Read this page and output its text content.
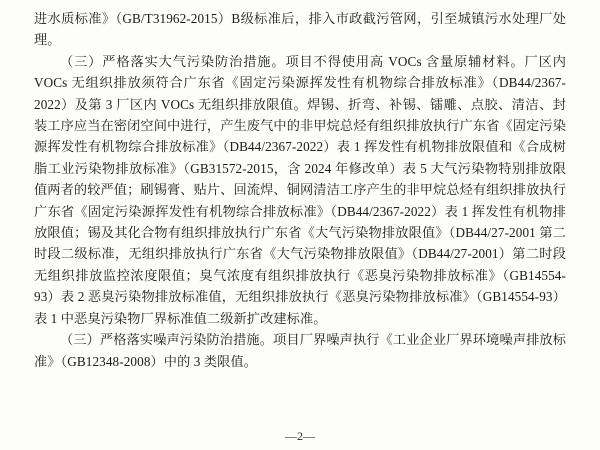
进水质标准》（GB/T31962-2015）B级标准后，排入市政截污管网，引至城镇污水处理厂处理。

（三）严格落实大气污染防治措施。项目不得使用高 VOCs 含量原辅材料。厂区内 VOCs 无组织排放须符合广东省《固定污染源挥发性有机物综合排放标准》（DB44/2367-2022）及第 3 厂区内 VOCs 无组织排放限值。焊锡、折弯、补锡、镭雕、点胶、清洁、封装工序应当在密闭空间中进行，产生废气中的非甲烷总烃有组织排放执行广东省《固定污染源挥发性有机物综合排放标准》（DB44/2367-2022）表 1 挥发性有机物排放限值和《合成树脂工业污染物排放标准》（GB31572-2015，含 2024 年修改单）表 5 大气污染物特别排放限值两者的较严值；刷锡膏、贴片、回流焊、铜网清洁工序产生的非甲烷总烃有组织排放执行广东省《固定污染源挥发性有机物综合排放标准》（DB44/2367-2022）表 1 挥发性有机物排放限值；锡及其化合物有组织排放执行广东省《大气污染物排放限值》（DB44/27-2001 第二时段二级标准，无组织排放执行广东省《大气污染物排放限值》（DB44/27-2001）第二时段无组织排放监控浓度限值；臭气浓度有组织排放执行《恶臭污染物排放标准》（GB14554-93）表 2 恶臭污染物排放标准值，无组织排放执行《恶臭污染物排放标准》（GB14554-93）表 1 中恶臭污染物厂界标准值二级新扩改建标准。

（三）严格落实噪声污染防治措施。项目厂界噪声执行《工业企业厂界环境噪声排放标准》（GB12348-2008）中的 3 类限值。

—2—
